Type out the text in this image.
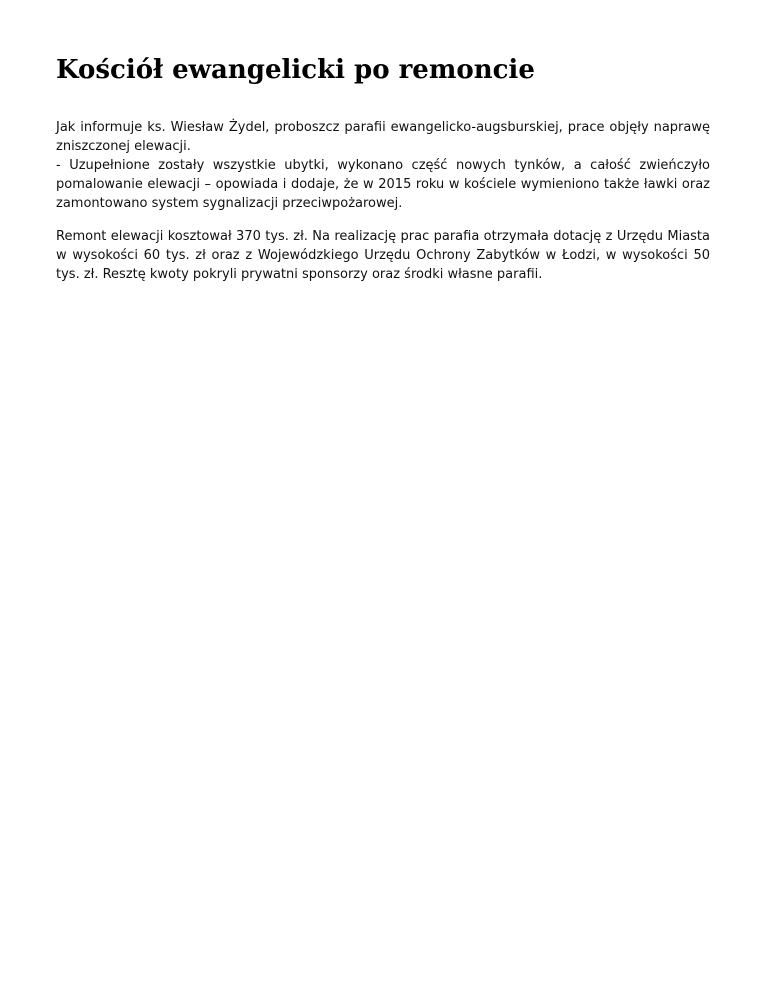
Kościół ewangelicki po remoncie

Jak informuje ks. Wiesław Żydel, proboszcz parafii ewangelicko-augsburskiej, prace objęły naprawę zniszczonej elewacji.
- Uzupełnione zostały wszystkie ubytki, wykonano część nowych tynków, a całość zwieńczyło pomalowanie elewacji – opowiada i dodaje, że w 2015 roku w kościele wymieniono także ławki oraz zamontowano system sygnalizacji przeciwpożarowej.

Remont elewacji kosztował 370 tys. zł. Na realizację prac parafia otrzymała dotację z Urzędu Miasta w wysokości 60 tys. zł oraz z Wojewódzkiego Urzędu Ochrony Zabytków w Łodzi, w wysokości 50 tys. zł. Resztę kwoty pokryli prywatni sponsorzy oraz środki własne parafii.
